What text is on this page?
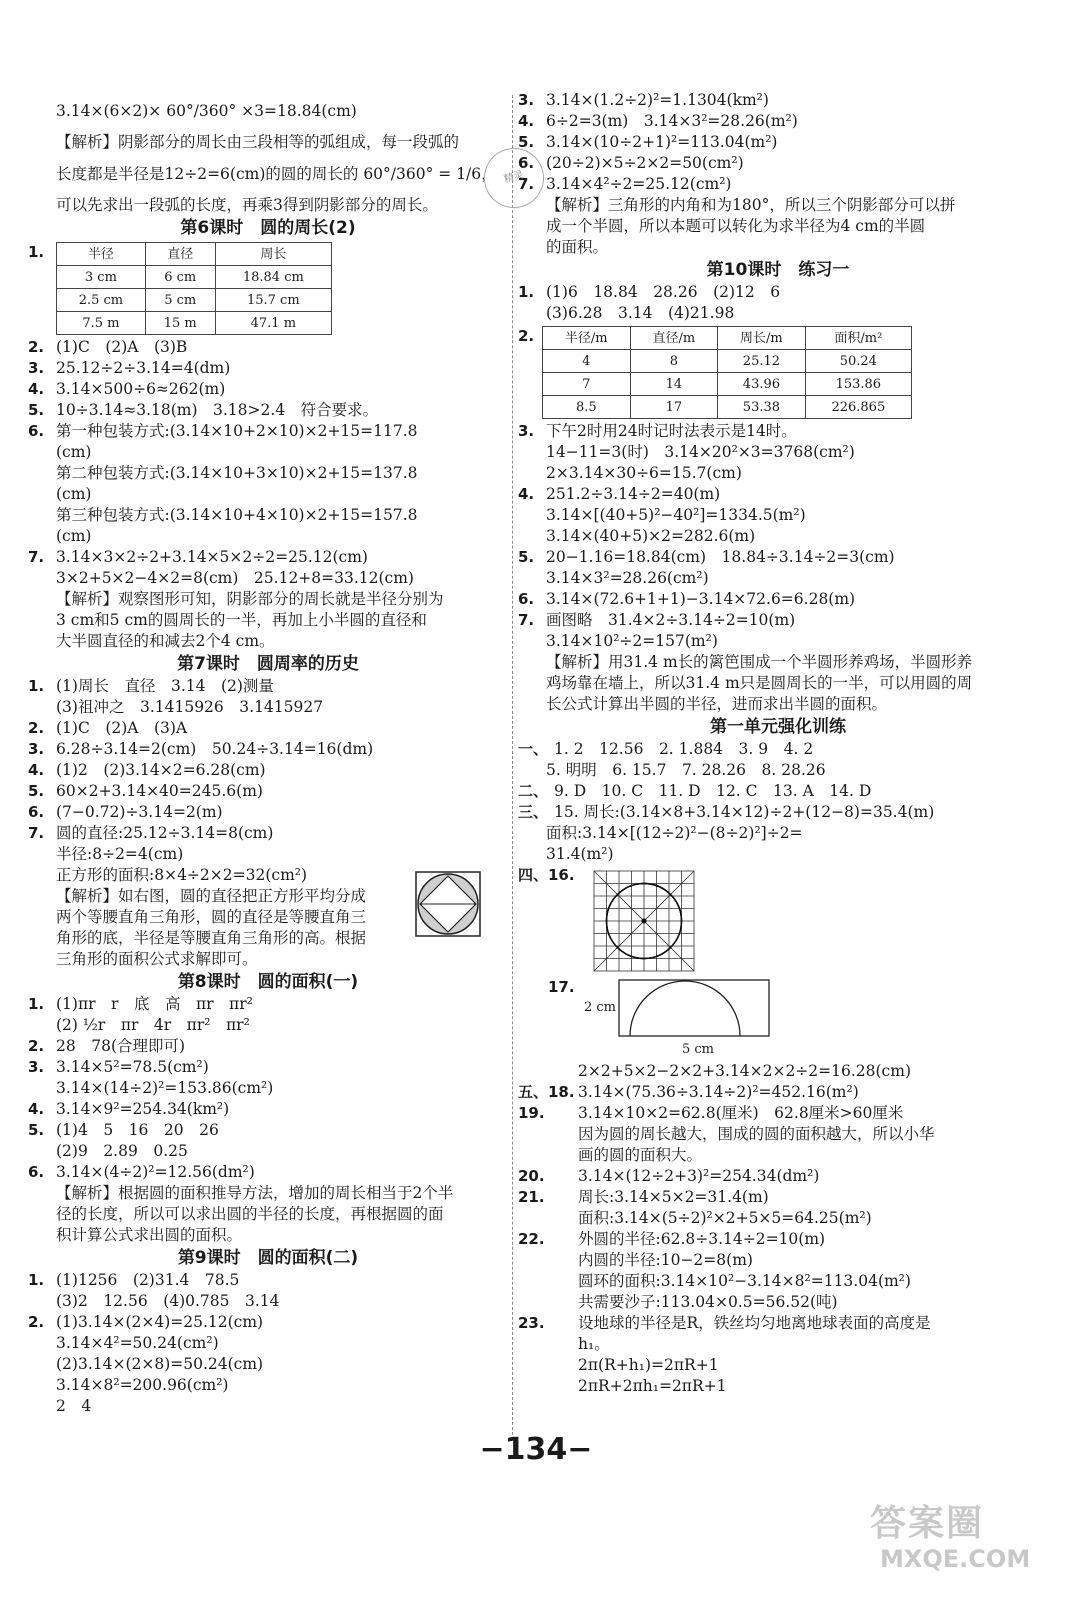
3.14×(6×2)× 60°/360° ×3=18.84(cm)
【解析】阴影部分的周长由三段相等的弧组成，每一段弧的
长度都是半径是12÷2=6(cm)的圆的周长的 60°/360° = 1/6，
可以先求出一段弧的长度，再乘3得到阴影部分的周长。
第6课时　圆的周长(2)
1.	半径	直径	周长
3 cm	6 cm	18.84 cm
2.5 cm	5 cm	15.7 cm
7.5 m	15 m	47.1 m
2. (1)C　(2)A　(3)B
3. 25.12÷2÷3.14=4(dm)
4. 3.14×500÷6≈262(m)
5. 10÷3.14≈3.18(m)　3.18>2.4　符合要求。
6. 第一种包装方式:(3.14×10+2×10)×2+15=117.8
(cm)
第二种包装方式:(3.14×10+3×10)×2+15=137.8
(cm)
第三种包装方式:(3.14×10+4×10)×2+15=157.8
(cm)
7. 3.14×3×2÷2+3.14×5×2÷2=25.12(cm)
3×2+5×2−4×2=8(cm)　25.12+8=33.12(cm)
【解析】观察图形可知，阴影部分的周长就是半径分别为
3 cm和5 cm的圆周长的一半，再加上小半圆的直径和
大半圆直径的和减去2个4 cm。
第7课时　圆周率的历史
1. (1)周长　直径　3.14　(2)测量
(3)祖冲之　3.1415926　3.1415927
2. (1)C　(2)A　(3)A
3. 6.28÷3.14=2(cm)　50.24÷3.14=16(dm)
4. (1)2　(2)3.14×2=6.28(cm)
5. 60×2+3.14×40=245.6(m)
6. (7−0.72)÷3.14=2(m)
7. 圆的直径:25.12÷3.14=8(cm)
半径:8÷2=4(cm)
正方形的面积:8×4÷2×2=32(cm²)
【解析】如右图，圆的直径把正方形平均分成
两个等腰直角三角形，圆的直径是等腰直角三
角形的底，半径是等腰直角三角形的高。根据
三角形的面积公式求解即可。
第8课时　圆的面积(一)
1. (1)πr　r　底　高　πr　πr²
(2) ½r　πr　4r　πr²　πr²
2. 28　78(合理即可)
3. 3.14×5²=78.5(cm²)
3.14×(14÷2)²=153.86(cm²)
4. 3.14×9²=254.34(km²)
5. (1)4　5　16　20　26
(2)9　2.89　0.25
6. 3.14×(4÷2)²=12.56(dm²)
【解析】根据圆的面积推导方法，增加的周长相当于2个半
径的长度，所以可以求出圆的半径的长度，再根据圆的面
积计算公式求出圆的面积。
第9课时　圆的面积(二)
1. (1)1256　(2)31.4　78.5
(3)2　12.56　(4)0.785　3.14
2. (1)3.14×(2×4)=25.12(cm)
3.14×4²=50.24(cm²)
(2)3.14×(2×8)=50.24(cm)
3.14×8²=200.96(cm²)
2　4
3. 3.14×(1.2÷2)²=1.1304(km²)
4. 6÷2=3(m)　3.14×3²=28.26(m²)
5. 3.14×(10÷2+1)²=113.04(m²)
6. (20÷2)×5÷2×2=50(cm²)
7. 3.14×4²÷2=25.12(cm²)
【解析】三角形的内角和为180°，所以三个阴影部分可以拼
成一个半圆，所以本题可以转化为求半径为4 cm的半圆
的面积。
第10课时　练习一
1. (1)6　18.84　28.26　(2)12　6
(3)6.28　3.14　(4)21.98
2. 半径/m	直径/m	周长/m	面积/m²
4	8	25.12	50.24
7	14	43.96	153.86
8.5	17	53.38	226.865
3. 下午2时用24时记时法表示是14时。
14−11=3(时)　3.14×20²×3=3768(cm²)
2×3.14×30÷6=15.7(cm)
4. 251.2÷3.14÷2=40(m)
3.14×[(40+5)²−40²]=1334.5(m²)
3.14×(40+5)×2=282.6(m)
5. 20−1.16=18.84(cm)　18.84÷3.14÷2=3(cm)
3.14×3²=28.26(cm²)
6. 3.14×(72.6+1+1)−3.14×72.6=6.28(m)
7. 画图略　31.4×2÷3.14÷2=10(m)
3.14×10²÷2=157(m²)
【解析】用31.4 m长的篱笆围成一个半圆形养鸡场，半圆形养
鸡场靠在墙上，所以31.4 m只是圆周长的一半，可以用圆的周
长公式计算出半圆的半径，进而求出半圆的面积。
第一单元强化训练
一、 1. 2　12.56　2. 1.884　3. 9　4. 2
5. 明明　6. 15.7　7. 28.26　8. 28.26
二、 9. D　10. C　11. D　12. C　13. A　14. D
三、 15. 周长:(3.14×8+3.14×12)÷2+(12−8)=35.4(m)
面积:3.14×[(12÷2)²−(8÷2)²]÷2=
31.4(m²)
四、16.
17.
2 cm
5 cm
2×2+5×2−2×2+3.14×2×2÷2=16.28(cm)
五、18. 3.14×(75.36÷3.14÷2)²=452.16(m²)
19. 3.14×10×2=62.8(厘米)　62.8厘米>60厘米
因为圆的周长越大，围成的圆的面积越大，所以小华
画的圆的面积大。
20. 3.14×(12÷2+3)²=254.34(dm²)
21. 周长:3.14×5×2=31.4(m)
面积:3.14×(5÷2)²×2+5×5=64.25(m²)
22. 外圆的半径:62.8÷3.14÷2=10(m)
内圆的半径:10−2=8(m)
圆环的面积:3.14×10²−3.14×8²=113.04(m²)
共需要沙子:113.04×0.5=56.52(吨)
23. 设地球的半径是R，铁丝均匀地离地球表面的高度是
h₁。
2π(R+h₁)=2πR+1
2πR+2πh₁=2πR+1
精灵
−134−
答案圈
MXQE.COM
